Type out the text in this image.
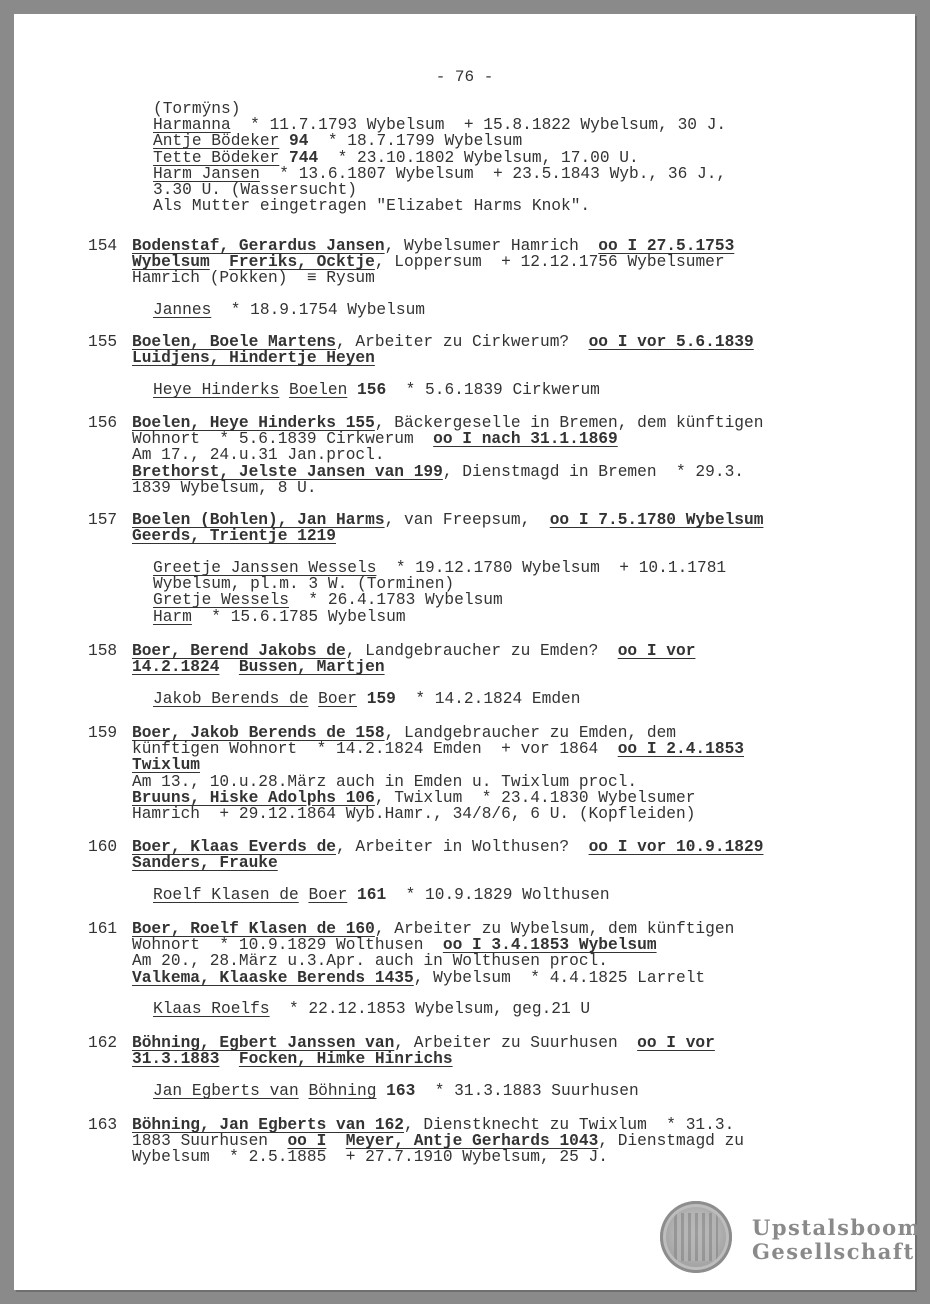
- 76 -
(Tormÿns)
Harmanna  * 11.7.1793 Wybelsum  + 15.8.1822 Wybelsum, 30 J.
Antje Bödeker 94  * 18.7.1799 Wybelsum
Tette Bödeker 744  * 23.10.1802 Wybelsum, 17.00 U.
Harm Jansen  * 13.6.1807 Wybelsum  + 23.5.1843 Wyb., 36 J.,
3.30 U. (Wassersucht)
Als Mutter eingetragen "Elizabet Harms Knok".
154 Bodenstaf, Gerardus Jansen, Wybelsumer Hamrich  oo I 27.5.1753
Wybelsum Freriks, Ocktje, Loppersum  + 12.12.1756 Wybelsumer
Hamrich (Pokken)  ≡ Rysum
Jannes  * 18.9.1754 Wybelsum
155 Boelen, Boele Martens, Arbeiter zu Cirkwerum?  oo I vor 5.6.1839
Luidjens, Hindertje Heyen
Heye Hinderks Boelen 156  * 5.6.1839 Cirkwerum
156 Boelen, Heye Hinderks 155, Bäckergeselle in Bremen, dem künftigen
Wohnort  * 5.6.1839 Cirkwerum  oo I nach 31.1.1869
Am 17., 24.u.31 Jan.procl.
Brethorst, Jelste Jansen van 199, Dienstmagd in Bremen  * 29.3.
1839 Wybelsum, 8 U.
157 Boelen (Bohlen), Jan Harms, van Freepsum,  oo I 7.5.1780 Wybelsum
Geerds, Trientje 1219
Greetje Janssen Wessels  * 19.12.1780 Wybelsum  + 10.1.1781
Wybelsum, pl.m. 3 W. (Torminen)
Gretje Wessels  * 26.4.1783 Wybelsum
Harm  * 15.6.1785 Wybelsum
158 Boer, Berend Jakobs de, Landgebraucher zu Emden?  oo I vor
14.2.1824 Bussen, Martjen
Jakob Berends de Boer 159  * 14.2.1824 Emden
159 Boer, Jakob Berends de 158, Landgebraucher zu Emden, dem
künftigen Wohnort  * 14.2.1824 Emden  + vor 1864  oo I 2.4.1853
Twixlum
Am 13., 10.u.28.März auch in Emden u. Twixlum procl.
Bruuns, Hiske Adolphs 106, Twixlum  * 23.4.1830 Wybelsumer
Hamrich  + 29.12.1864 Wyb.Hamr., 34/8/6, 6 U. (Kopfleiden)
160 Boer, Klaas Everds de, Arbeiter in Wolthusen?  oo I vor 10.9.1829
Sanders, Frauke
Roelf Klasen de Boer 161  * 10.9.1829 Wolthusen
161 Boer, Roelf Klasen de 160, Arbeiter zu Wybelsum, dem künftigen
Wohnort  * 10.9.1829 Wolthusen  oo I 3.4.1853 Wybelsum
Am 20., 28.März u.3.Apr. auch in Wolthusen procl.
Valkema, Klaaske Berends 1435, Wybelsum  * 4.4.1825 Larrelt
Klaas Roelfs  * 22.12.1853 Wybelsum, geg.21 U
162 Böhning, Egbert Janssen van, Arbeiter zu Suurhusen  oo I vor
31.3.1883 Focken, Himke Hinrichs
Jan Egberts van Böhning 163  * 31.3.1883 Suurhusen
163 Böhning, Jan Egberts van 162, Dienstknecht zu Twixlum  * 31.3.
1883 Suurhusen  oo I Meyer, Antje Gerhards 1043, Dienstmagd zu
Wybelsum  * 2.5.1885  + 27.7.1910 Wybelsum, 25 J.
Upstalsboom
Gesellschaft
